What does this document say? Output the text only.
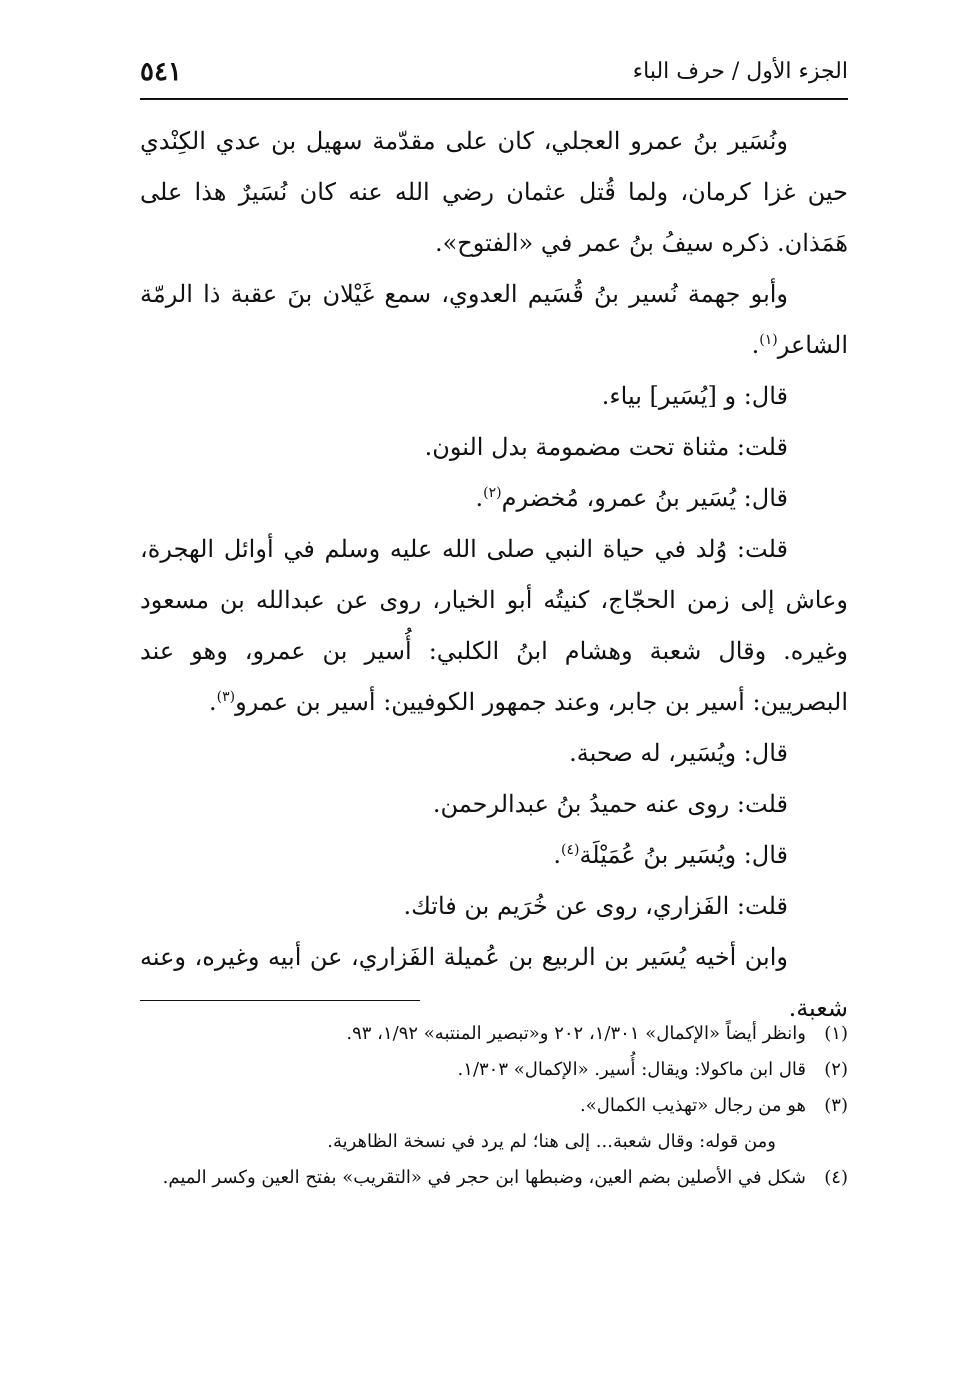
الجزء الأول / حرف الباء
٥٤١

ونُسَير بنُ عمرو العجلي، كان على مقدّمة سهيل بن عدي الكِنْدي حين غزا كرمان، ولما قُتل عثمان رضي الله عنه كان نُسَيرٌ هذا على هَمَذان. ذكره سيفُ بنُ عمر في «الفتوح».

وأبو جهمة نُسير بنُ قُسَيم العدوي، سمع غَيْلان بنَ عقبة ذا الرمّة الشاعر$^{(١)}$.

قال: و [يُسَير] بياء.

قلت: مثناة تحت مضمومة بدل النون.

قال: يُسَير بنُ عمرو، مُخضرم$^{(٢)}$.

قلت: وُلد في حياة النبي صلى الله عليه وسلم في أوائل الهجرة، وعاش إلى زمن الحجّاج، كنيتُه أبو الخيار، روى عن عبدالله بن مسعود وغيره. وقال شعبة وهشام ابنُ الكلبي: أُسير بن عمرو، وهو عند البصريين: أسير بن جابر، وعند جمهور الكوفيين: أسير بن عمرو$^{(٣)}$.

قال: ويُسَير، له صحبة.

قلت: روى عنه حميدُ بنُ عبدالرحمن.

قال: ويُسَير بنُ عُمَيْلَة$^{(٤)}$.

قلت: الفَزاري، روى عن خُرَيم بن فاتك.

وابن أخيه يُسَير بن الربيع بن عُميلة الفَزاري، عن أبيه وغيره، وعنه شعبة.

(١)
وانظر أيضاً «الإكمال» ١/٣٠١، ٢٠٢ و«تبصير المنتبه» ١/٩٢، ٩٣.

(٢)
قال ابن ماكولا: ويقال: أُسير. «الإكمال» ١/٣٠٣.

(٣)
هو من رجال «تهذيب الكمال».

ومن قوله: وقال شعبة... إلى هنا؛ لم يرد في نسخة الظاهرية.

(٤)
شكل في الأصلين بضم العين، وضبطها ابن حجر في «التقريب» بفتح العين وكسر الميم.
